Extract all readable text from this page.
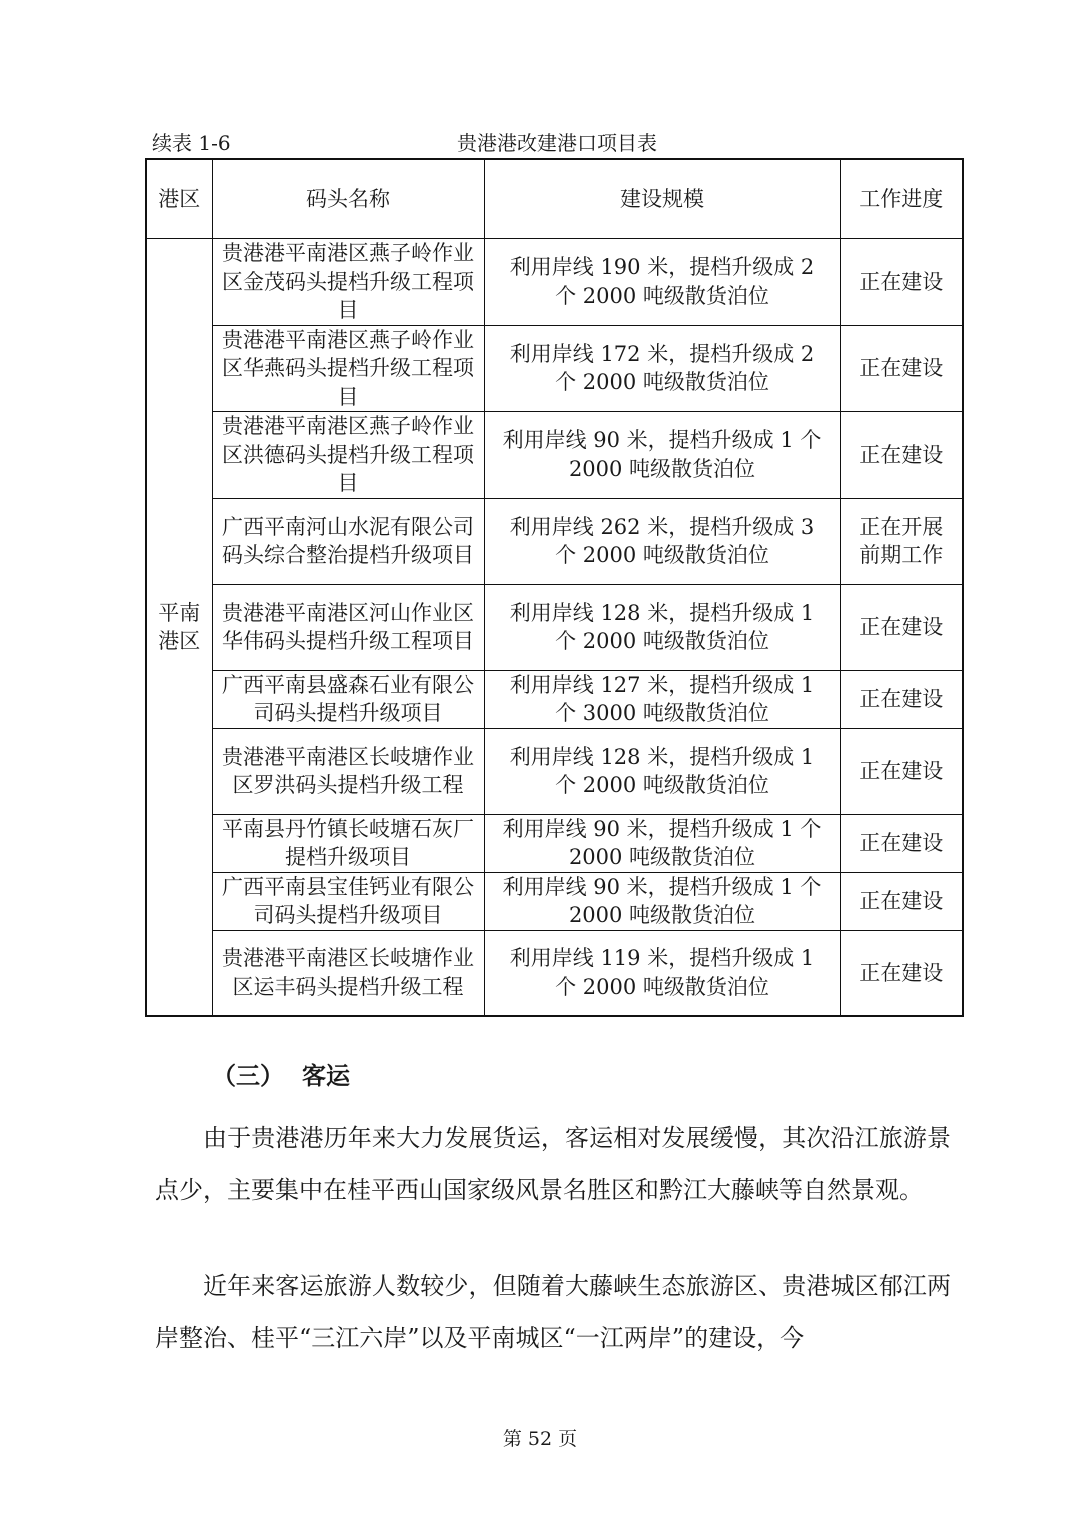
续表 1-6	贵港港改建港口项目表
港区	码头名称	建设规模	工作进度
平南港区	贵港港平南港区燕子岭作业区金茂码头提档升级工程项目	利用岸线 190 米，提档升级成 2 个 2000 吨级散货泊位	正在建设
	贵港港平南港区燕子岭作业区华燕码头提档升级工程项目	利用岸线 172 米，提档升级成 2 个 2000 吨级散货泊位	正在建设
	贵港港平南港区燕子岭作业区洪德码头提档升级工程项目	利用岸线 90 米，提档升级成 1 个 2000 吨级散货泊位	正在建设
	广西平南河山水泥有限公司码头综合整治提档升级项目	利用岸线 262 米，提档升级成 3 个 2000 吨级散货泊位	正在开展前期工作
	贵港港平南港区河山作业区华伟码头提档升级工程项目	利用岸线 128 米，提档升级成 1 个 2000 吨级散货泊位	正在建设
	广西平南县盛森石业有限公司码头提档升级项目	利用岸线 127 米，提档升级成 1 个 3000 吨级散货泊位	正在建设
	贵港港平南港区长岐塘作业区罗洪码头提档升级工程	利用岸线 128 米，提档升级成 1 个 2000 吨级散货泊位	正在建设
	平南县丹竹镇长岐塘石灰厂提档升级项目	利用岸线 90 米，提档升级成 1 个 2000 吨级散货泊位	正在建设
	广西平南县宝佳钙业有限公司码头提档升级项目	利用岸线 90 米，提档升级成 1 个 2000 吨级散货泊位	正在建设
	贵港港平南港区长岐塘作业区运丰码头提档升级工程	利用岸线 119 米，提档升级成 1 个 2000 吨级散货泊位	正在建设
（三） 客运

由于贵港港历年来大力发展货运，客运相对发展缓慢，其次沿江旅游景点少，主要集中在桂平西山国家级风景名胜区和黔江大藤峡等自然景观。

近年来客运旅游人数较少，但随着大藤峡生态旅游区、贵港城区郁江两岸整治、桂平“三江六岸”以及平南城区“一江两岸”的建设，今

第 52 页
